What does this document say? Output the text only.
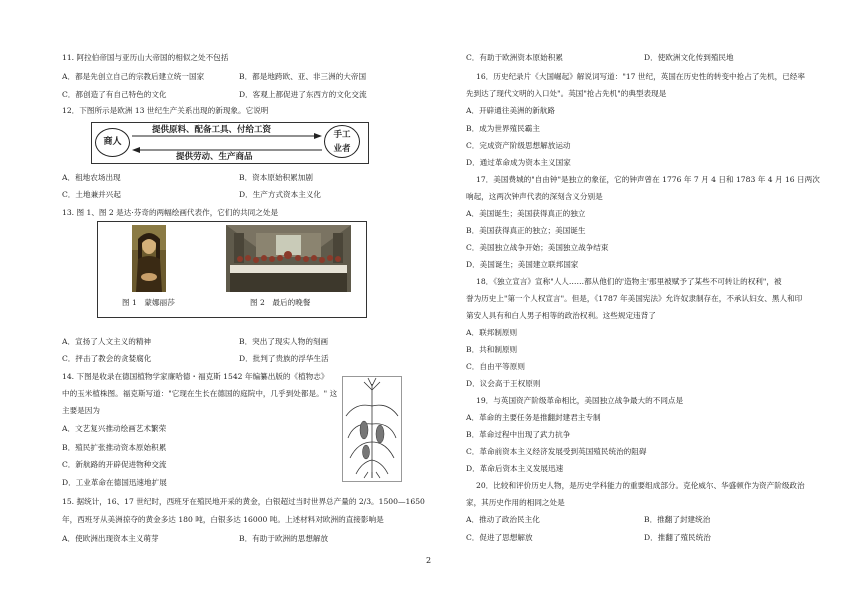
11. 阿拉伯帝国与亚历山大帝国的相似之处不包括
A．都是先创立自己的宗教后建立统一国家	B．都是地跨欧、亚、非三洲的大帝国
C．都创造了有自己特色的文化	D．客观上都促进了东西方的文化交流
12．下图所示是欧洲 13 世纪生产关系出现的新现象。它说明
商人
手工
业者
提供原料、配备工具、付给工资
提供劳动、生产商品
A．租地农场出现	B．资本原始积累加剧
C．土地兼并兴起	D．生产方式资本主义化
13. 图 1、图 2 是达·芬奇的两幅绘画代表作，它们的共同之处是
图 1　蒙娜丽莎	图 2　最后的晚餐
A．宣扬了人文主义的精神	B．突出了现实人物的刻画
C．抨击了教会的贪婪腐化	D．批判了贵族的浮华生活
14. 下图是收录在德国植物学家廉哈德・福克斯 1542 年编纂出版的《植物志》
中的玉米植株图。福克斯写道："它现在生长在德国的庭院中，几乎到处都是。" 这
主要是因为
A．文艺复兴推动绘画艺术繁荣
B．殖民扩张推动资本原始积累
C．新航路的开辟促进物种交流
D．工业革命在德国迅速地扩展
15. 据统计，16、17 世纪时，西班牙在殖民地开采的黄金，白银超过当时世界总产量的 2/3。1500—1650
年，西班牙从美洲掠夺的黄金多达 180 吨，白银多达 16000 吨。上述材料对欧洲的直接影响是
A．使欧洲出现资本主义萌芽	B．有助于欧洲的思想解放
C．有助于欧洲资本原始积累	D．使欧洲文化传到殖民地
16．历史纪录片《大国崛起》解说词写道："17 世纪，英国在历史性的转变中抢占了先机，已经率
先到达了现代文明的入口处"。英国"抢占先机"的典型表现是
A．开辟通往美洲的新航路
B．成为世界殖民霸主
C．完成资产阶级思想解放运动
D．通过革命成为资本主义国家
17．美国费城的"自由钟"是独立的象征，它的钟声曾在 1776 年 7 月 4 日和 1783 年 4 月 16 日两次
响起，这两次钟声代表的深刻含义分别是
A．美国诞生；美国获得真正的独立
B．美国获得真正的独立；美国诞生
C．美国独立战争开始；美国独立战争结束
D．美国诞生；美国建立联邦国家
18．《独立宣言》宣称"人人……都从他们的'造物主'那里被赋予了某些不可转让的权利"，被
誉为历史上"第一个人权宣言"。但是，《1787 年美国宪法》允许奴隶制存在，不承认妇女、黑人和印
第安人具有和白人男子相等的政治权利。这些规定违背了
A．联邦制原则
B．共和制原则
C．自由平等原则
D．议会高于王权原则
19．与英国资产阶级革命相比，美国独立战争最大的不同点是
A．革命的主要任务是推翻封建君主专制
B．革命过程中出现了武力抗争
C．革命前资本主义经济发展受到英国殖民统治的阻碍
D．革命后资本主义发展迅速
20．比较和评价历史人物，是历史学科能力的重要组成部分。克伦威尔、华盛顿作为资产阶级政治
家，其历史作用的相同之处是
A．推动了政治民主化	B．推翻了封建统治
C．促进了思想解放	D．推翻了殖民统治
2
